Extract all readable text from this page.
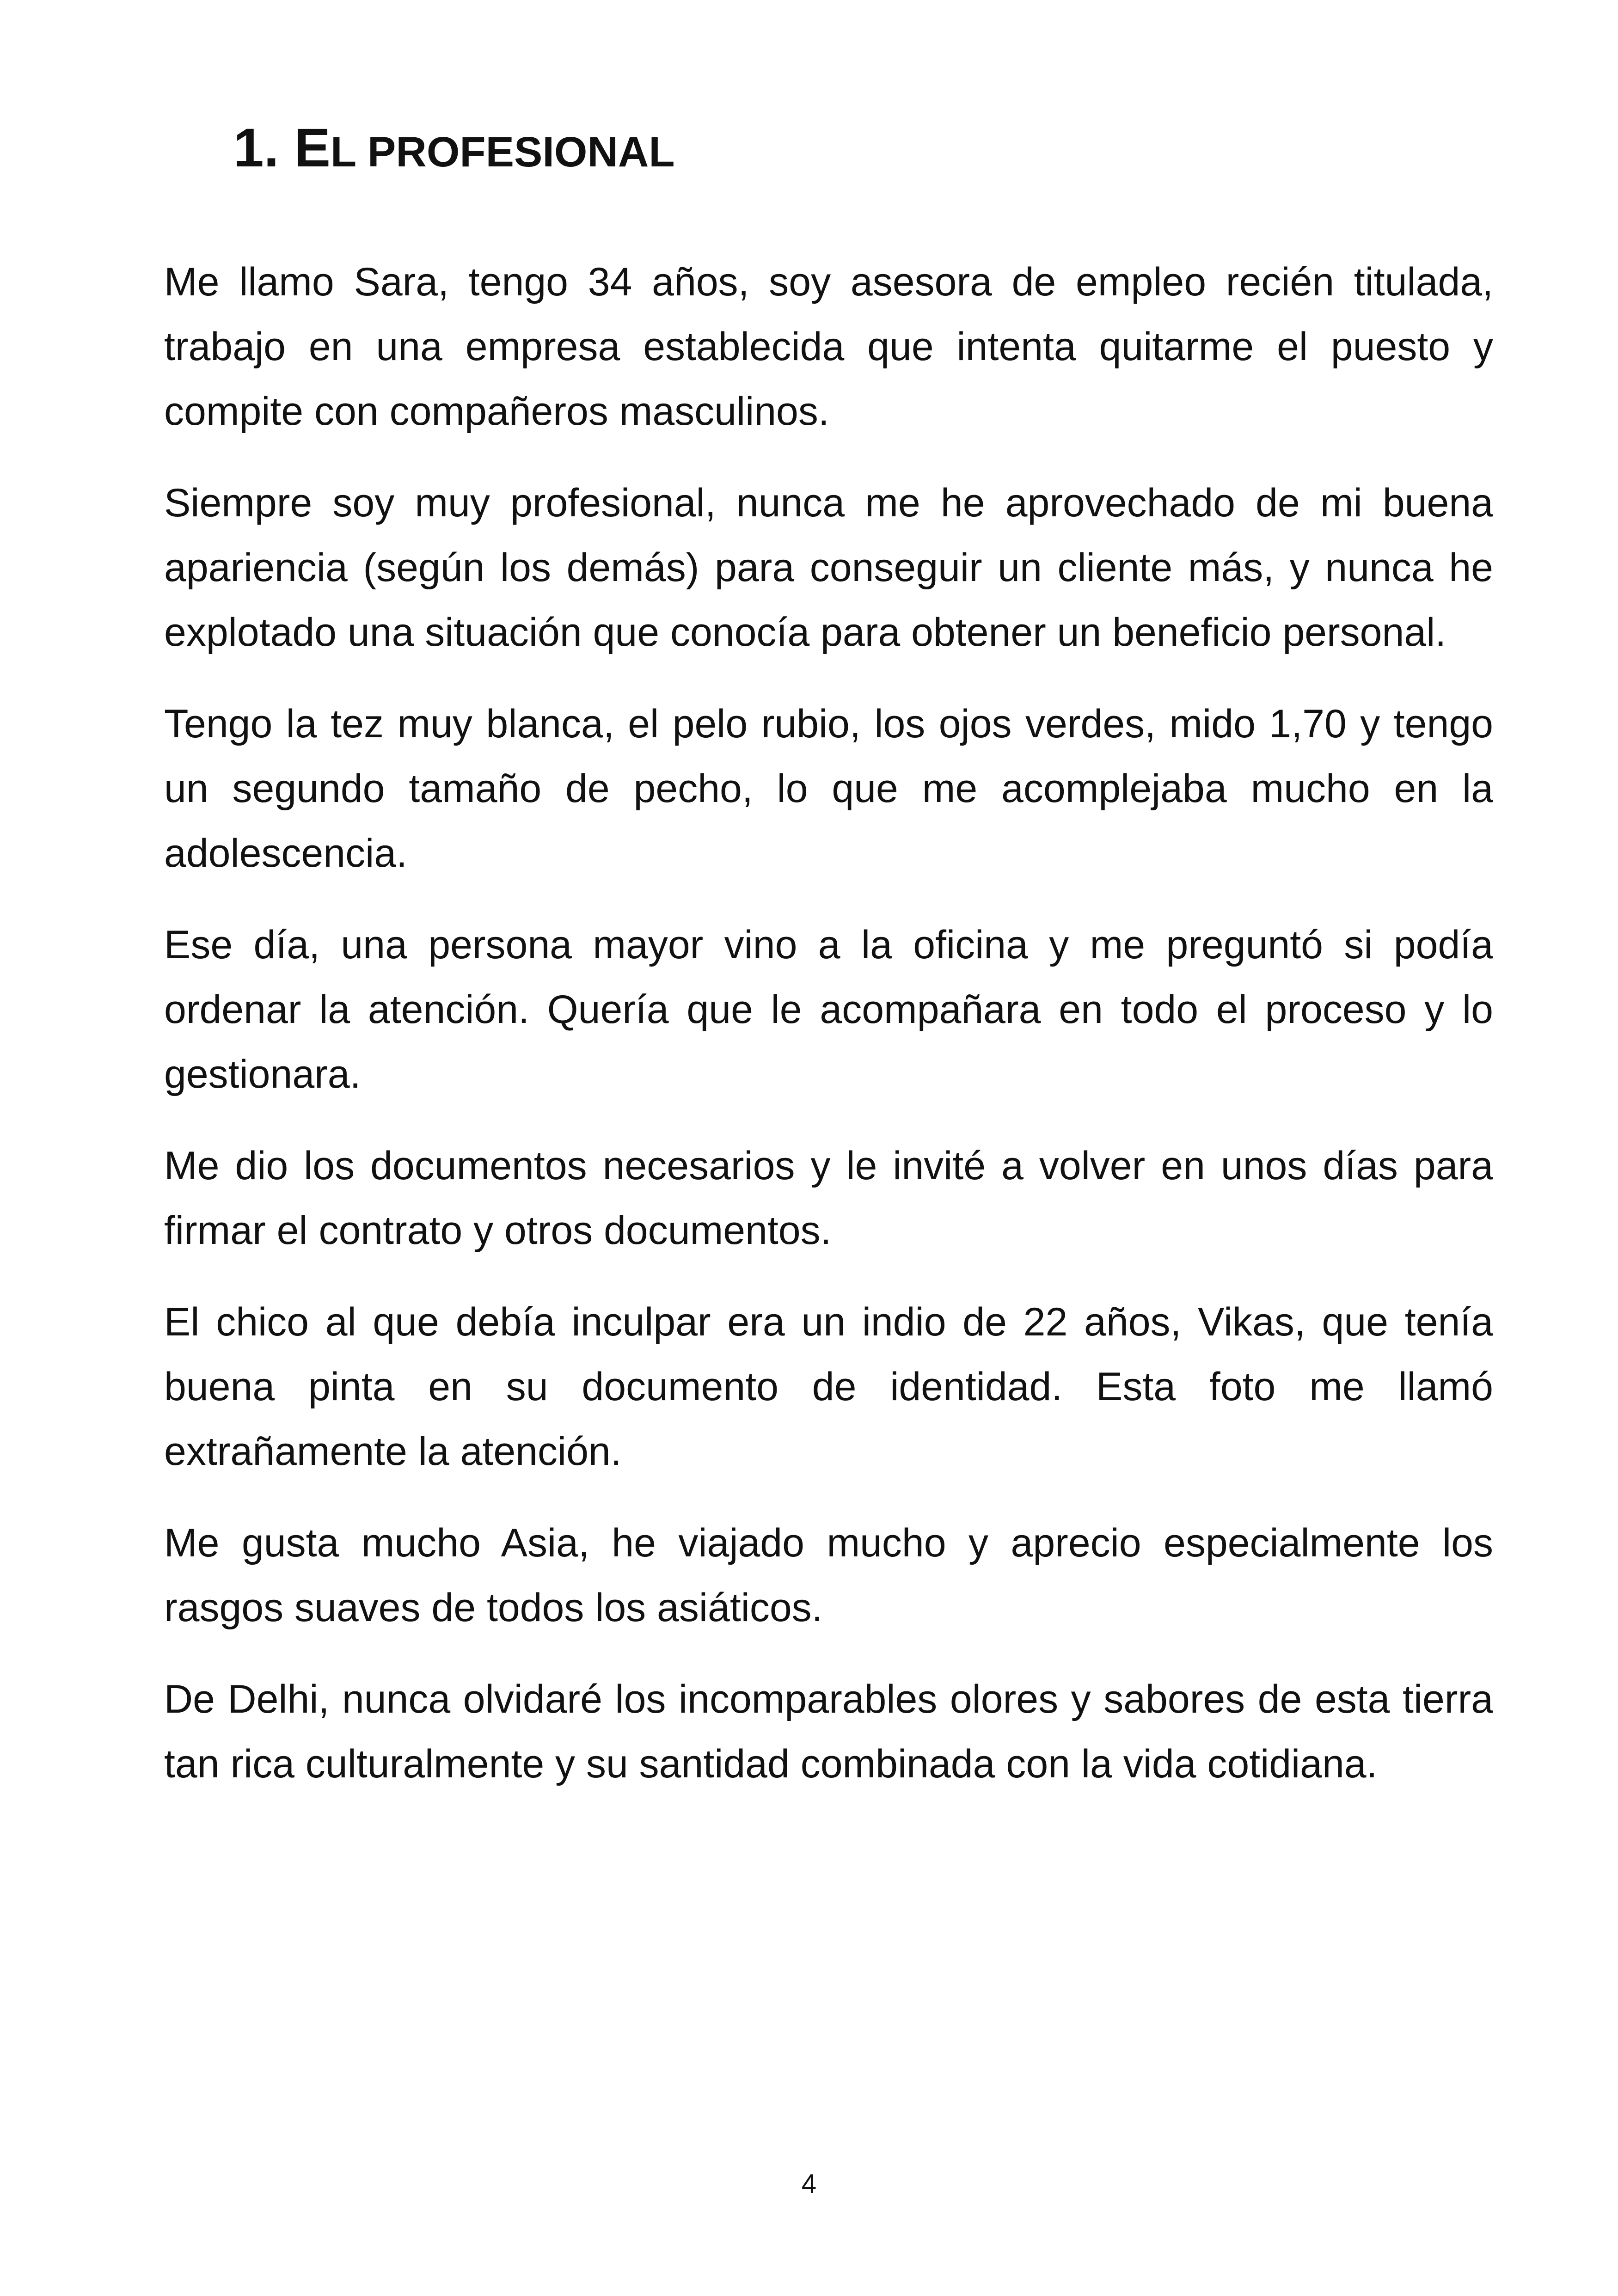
1. EL PROFESIONAL

Me llamo Sara, tengo 34 años, soy asesora de empleo recién titulada, trabajo en una empresa establecida que intenta quitarme el puesto y compite con compañeros masculinos.

Siempre soy muy profesional, nunca me he aprovechado de mi buena apariencia (según los demás) para conseguir un cliente más, y nunca he explotado una situación que conocía para obtener un beneficio personal.

Tengo la tez muy blanca, el pelo rubio, los ojos verdes, mido 1,70 y tengo un segundo tamaño de pecho, lo que me acomplejaba mucho en la adolescencia.

Ese día, una persona mayor vino a la oficina y me preguntó si podía ordenar la atención. Quería que le acompañara en todo el proceso y lo gestionara.

Me dio los documentos necesarios y le invité a volver en unos días para firmar el contrato y otros documentos.

El chico al que debía inculpar era un indio de 22 años, Vikas, que tenía buena pinta en su documento de identidad. Esta foto me llamó extrañamente la atención.

Me gusta mucho Asia, he viajado mucho y aprecio especialmente los rasgos suaves de todos los asiáticos.

De Delhi, nunca olvidaré los incomparables olores y sabores de esta tierra tan rica culturalmente y su santidad combinada con la vida cotidiana.

4
